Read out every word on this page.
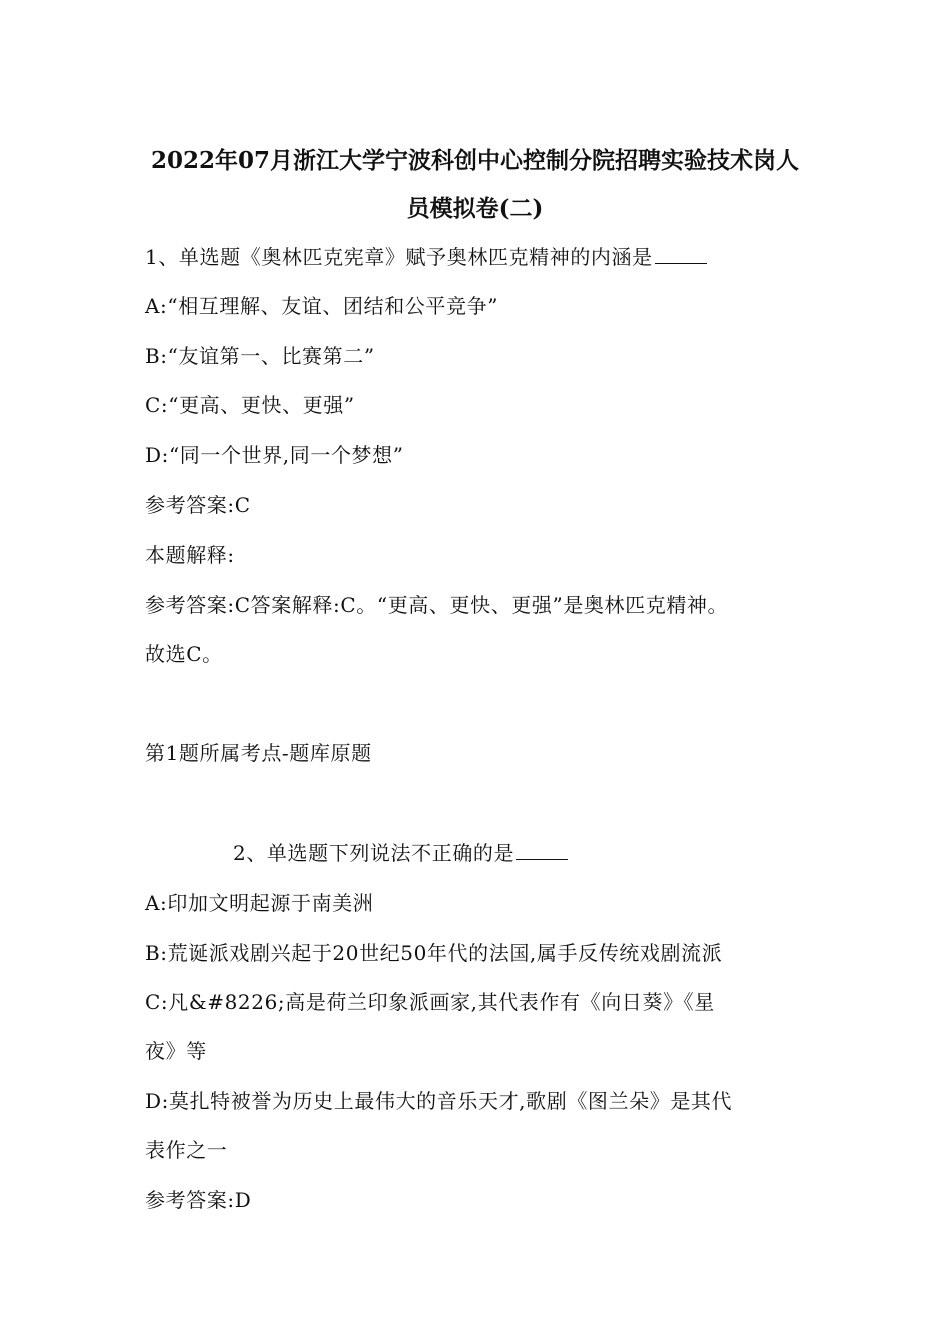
2022年07月浙江大学宁波科创中心控制分院招聘实验技术岗人
员模拟卷(二)
1、单选题《奥林匹克宪章》赋予奥林匹克精神的内涵是
A:“相互理解、友谊、团结和公平竞争”
B:“友谊第一、比赛第二”
C:“更高、更快、更强”
D:“同一个世界,同一个梦想”
参考答案:C
本题解释:
参考答案:C答案解释:C。“更高、更快、更强”是奥林匹克精神。
故选C。
第1题所属考点-题库原题
2、单选题下列说法不正确的是
A:印加文明起源于南美洲
B:荒诞派戏剧兴起于20世纪50年代的法国,属手反传统戏剧流派
C:凡&#8226;高是荷兰印象派画家,其代表作有《向日葵》《星
夜》等
D:莫扎特被誉为历史上最伟大的音乐天才,歌剧《图兰朵》是其代
表作之一
参考答案:D
